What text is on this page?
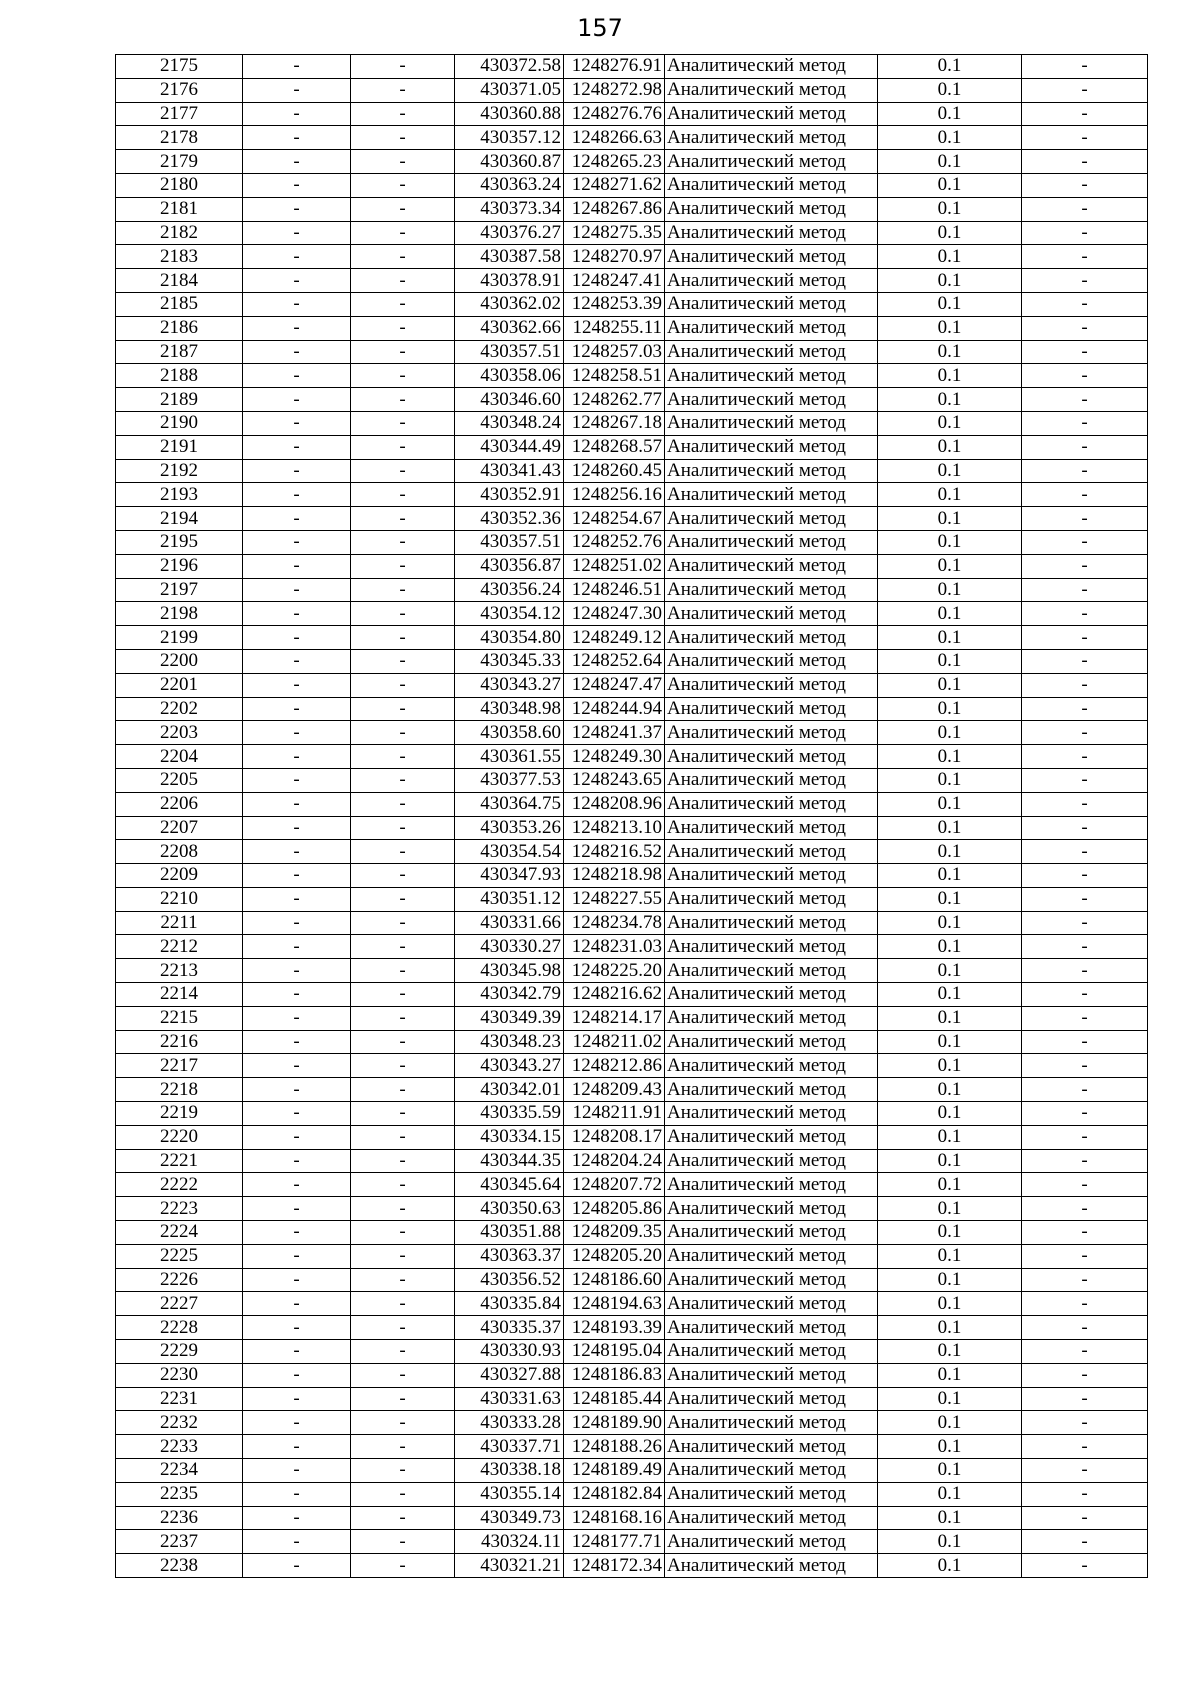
157
2175	-	-	430372.58	1248276.91	Аналитический метод	0.1	-
2176	-	-	430371.05	1248272.98	Аналитический метод	0.1	-
2177	-	-	430360.88	1248276.76	Аналитический метод	0.1	-
2178	-	-	430357.12	1248266.63	Аналитический метод	0.1	-
2179	-	-	430360.87	1248265.23	Аналитический метод	0.1	-
2180	-	-	430363.24	1248271.62	Аналитический метод	0.1	-
2181	-	-	430373.34	1248267.86	Аналитический метод	0.1	-
2182	-	-	430376.27	1248275.35	Аналитический метод	0.1	-
2183	-	-	430387.58	1248270.97	Аналитический метод	0.1	-
2184	-	-	430378.91	1248247.41	Аналитический метод	0.1	-
2185	-	-	430362.02	1248253.39	Аналитический метод	0.1	-
2186	-	-	430362.66	1248255.11	Аналитический метод	0.1	-
2187	-	-	430357.51	1248257.03	Аналитический метод	0.1	-
2188	-	-	430358.06	1248258.51	Аналитический метод	0.1	-
2189	-	-	430346.60	1248262.77	Аналитический метод	0.1	-
2190	-	-	430348.24	1248267.18	Аналитический метод	0.1	-
2191	-	-	430344.49	1248268.57	Аналитический метод	0.1	-
2192	-	-	430341.43	1248260.45	Аналитический метод	0.1	-
2193	-	-	430352.91	1248256.16	Аналитический метод	0.1	-
2194	-	-	430352.36	1248254.67	Аналитический метод	0.1	-
2195	-	-	430357.51	1248252.76	Аналитический метод	0.1	-
2196	-	-	430356.87	1248251.02	Аналитический метод	0.1	-
2197	-	-	430356.24	1248246.51	Аналитический метод	0.1	-
2198	-	-	430354.12	1248247.30	Аналитический метод	0.1	-
2199	-	-	430354.80	1248249.12	Аналитический метод	0.1	-
2200	-	-	430345.33	1248252.64	Аналитический метод	0.1	-
2201	-	-	430343.27	1248247.47	Аналитический метод	0.1	-
2202	-	-	430348.98	1248244.94	Аналитический метод	0.1	-
2203	-	-	430358.60	1248241.37	Аналитический метод	0.1	-
2204	-	-	430361.55	1248249.30	Аналитический метод	0.1	-
2205	-	-	430377.53	1248243.65	Аналитический метод	0.1	-
2206	-	-	430364.75	1248208.96	Аналитический метод	0.1	-
2207	-	-	430353.26	1248213.10	Аналитический метод	0.1	-
2208	-	-	430354.54	1248216.52	Аналитический метод	0.1	-
2209	-	-	430347.93	1248218.98	Аналитический метод	0.1	-
2210	-	-	430351.12	1248227.55	Аналитический метод	0.1	-
2211	-	-	430331.66	1248234.78	Аналитический метод	0.1	-
2212	-	-	430330.27	1248231.03	Аналитический метод	0.1	-
2213	-	-	430345.98	1248225.20	Аналитический метод	0.1	-
2214	-	-	430342.79	1248216.62	Аналитический метод	0.1	-
2215	-	-	430349.39	1248214.17	Аналитический метод	0.1	-
2216	-	-	430348.23	1248211.02	Аналитический метод	0.1	-
2217	-	-	430343.27	1248212.86	Аналитический метод	0.1	-
2218	-	-	430342.01	1248209.43	Аналитический метод	0.1	-
2219	-	-	430335.59	1248211.91	Аналитический метод	0.1	-
2220	-	-	430334.15	1248208.17	Аналитический метод	0.1	-
2221	-	-	430344.35	1248204.24	Аналитический метод	0.1	-
2222	-	-	430345.64	1248207.72	Аналитический метод	0.1	-
2223	-	-	430350.63	1248205.86	Аналитический метод	0.1	-
2224	-	-	430351.88	1248209.35	Аналитический метод	0.1	-
2225	-	-	430363.37	1248205.20	Аналитический метод	0.1	-
2226	-	-	430356.52	1248186.60	Аналитический метод	0.1	-
2227	-	-	430335.84	1248194.63	Аналитический метод	0.1	-
2228	-	-	430335.37	1248193.39	Аналитический метод	0.1	-
2229	-	-	430330.93	1248195.04	Аналитический метод	0.1	-
2230	-	-	430327.88	1248186.83	Аналитический метод	0.1	-
2231	-	-	430331.63	1248185.44	Аналитический метод	0.1	-
2232	-	-	430333.28	1248189.90	Аналитический метод	0.1	-
2233	-	-	430337.71	1248188.26	Аналитический метод	0.1	-
2234	-	-	430338.18	1248189.49	Аналитический метод	0.1	-
2235	-	-	430355.14	1248182.84	Аналитический метод	0.1	-
2236	-	-	430349.73	1248168.16	Аналитический метод	0.1	-
2237	-	-	430324.11	1248177.71	Аналитический метод	0.1	-
2238	-	-	430321.21	1248172.34	Аналитический метод	0.1	-
